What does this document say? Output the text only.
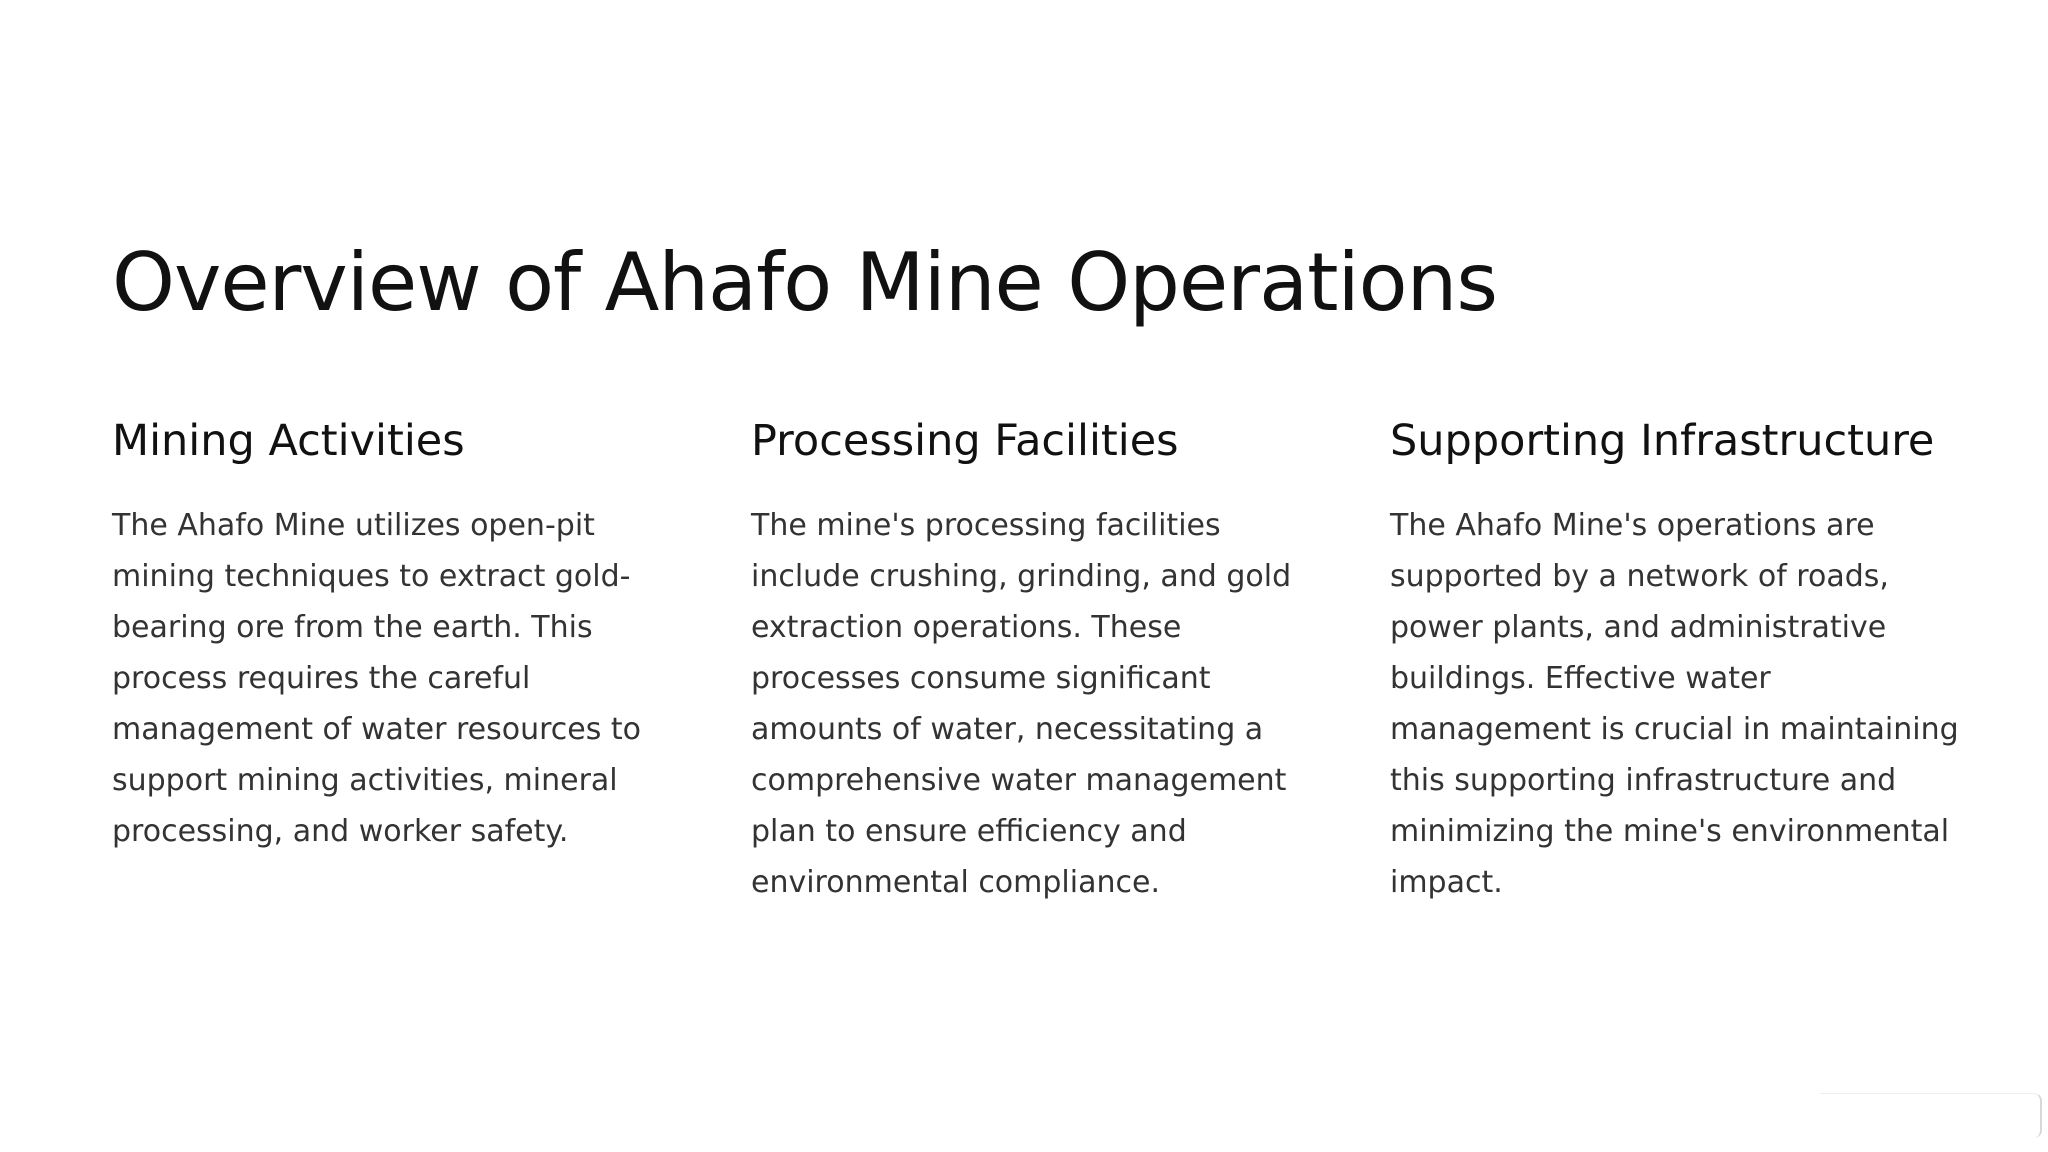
Overview of Ahafo Mine Operations
Mining Activities

The Ahafo Mine utilizes open-pit mining techniques to extract gold-bearing ore from the earth. This process requires the careful management of water resources to support mining activities, mineral processing, and worker safety.

Processing Facilities

The mine's processing facilities include crushing, grinding, and gold extraction operations. These processes consume significant amounts of water, necessitating a comprehensive water management plan to ensure efficiency and environmental compliance.

Supporting Infrastructure

The Ahafo Mine's operations are supported by a network of roads, power plants, and administrative buildings. Effective water management is crucial in maintaining this supporting infrastructure and minimizing the mine's environmental impact.
